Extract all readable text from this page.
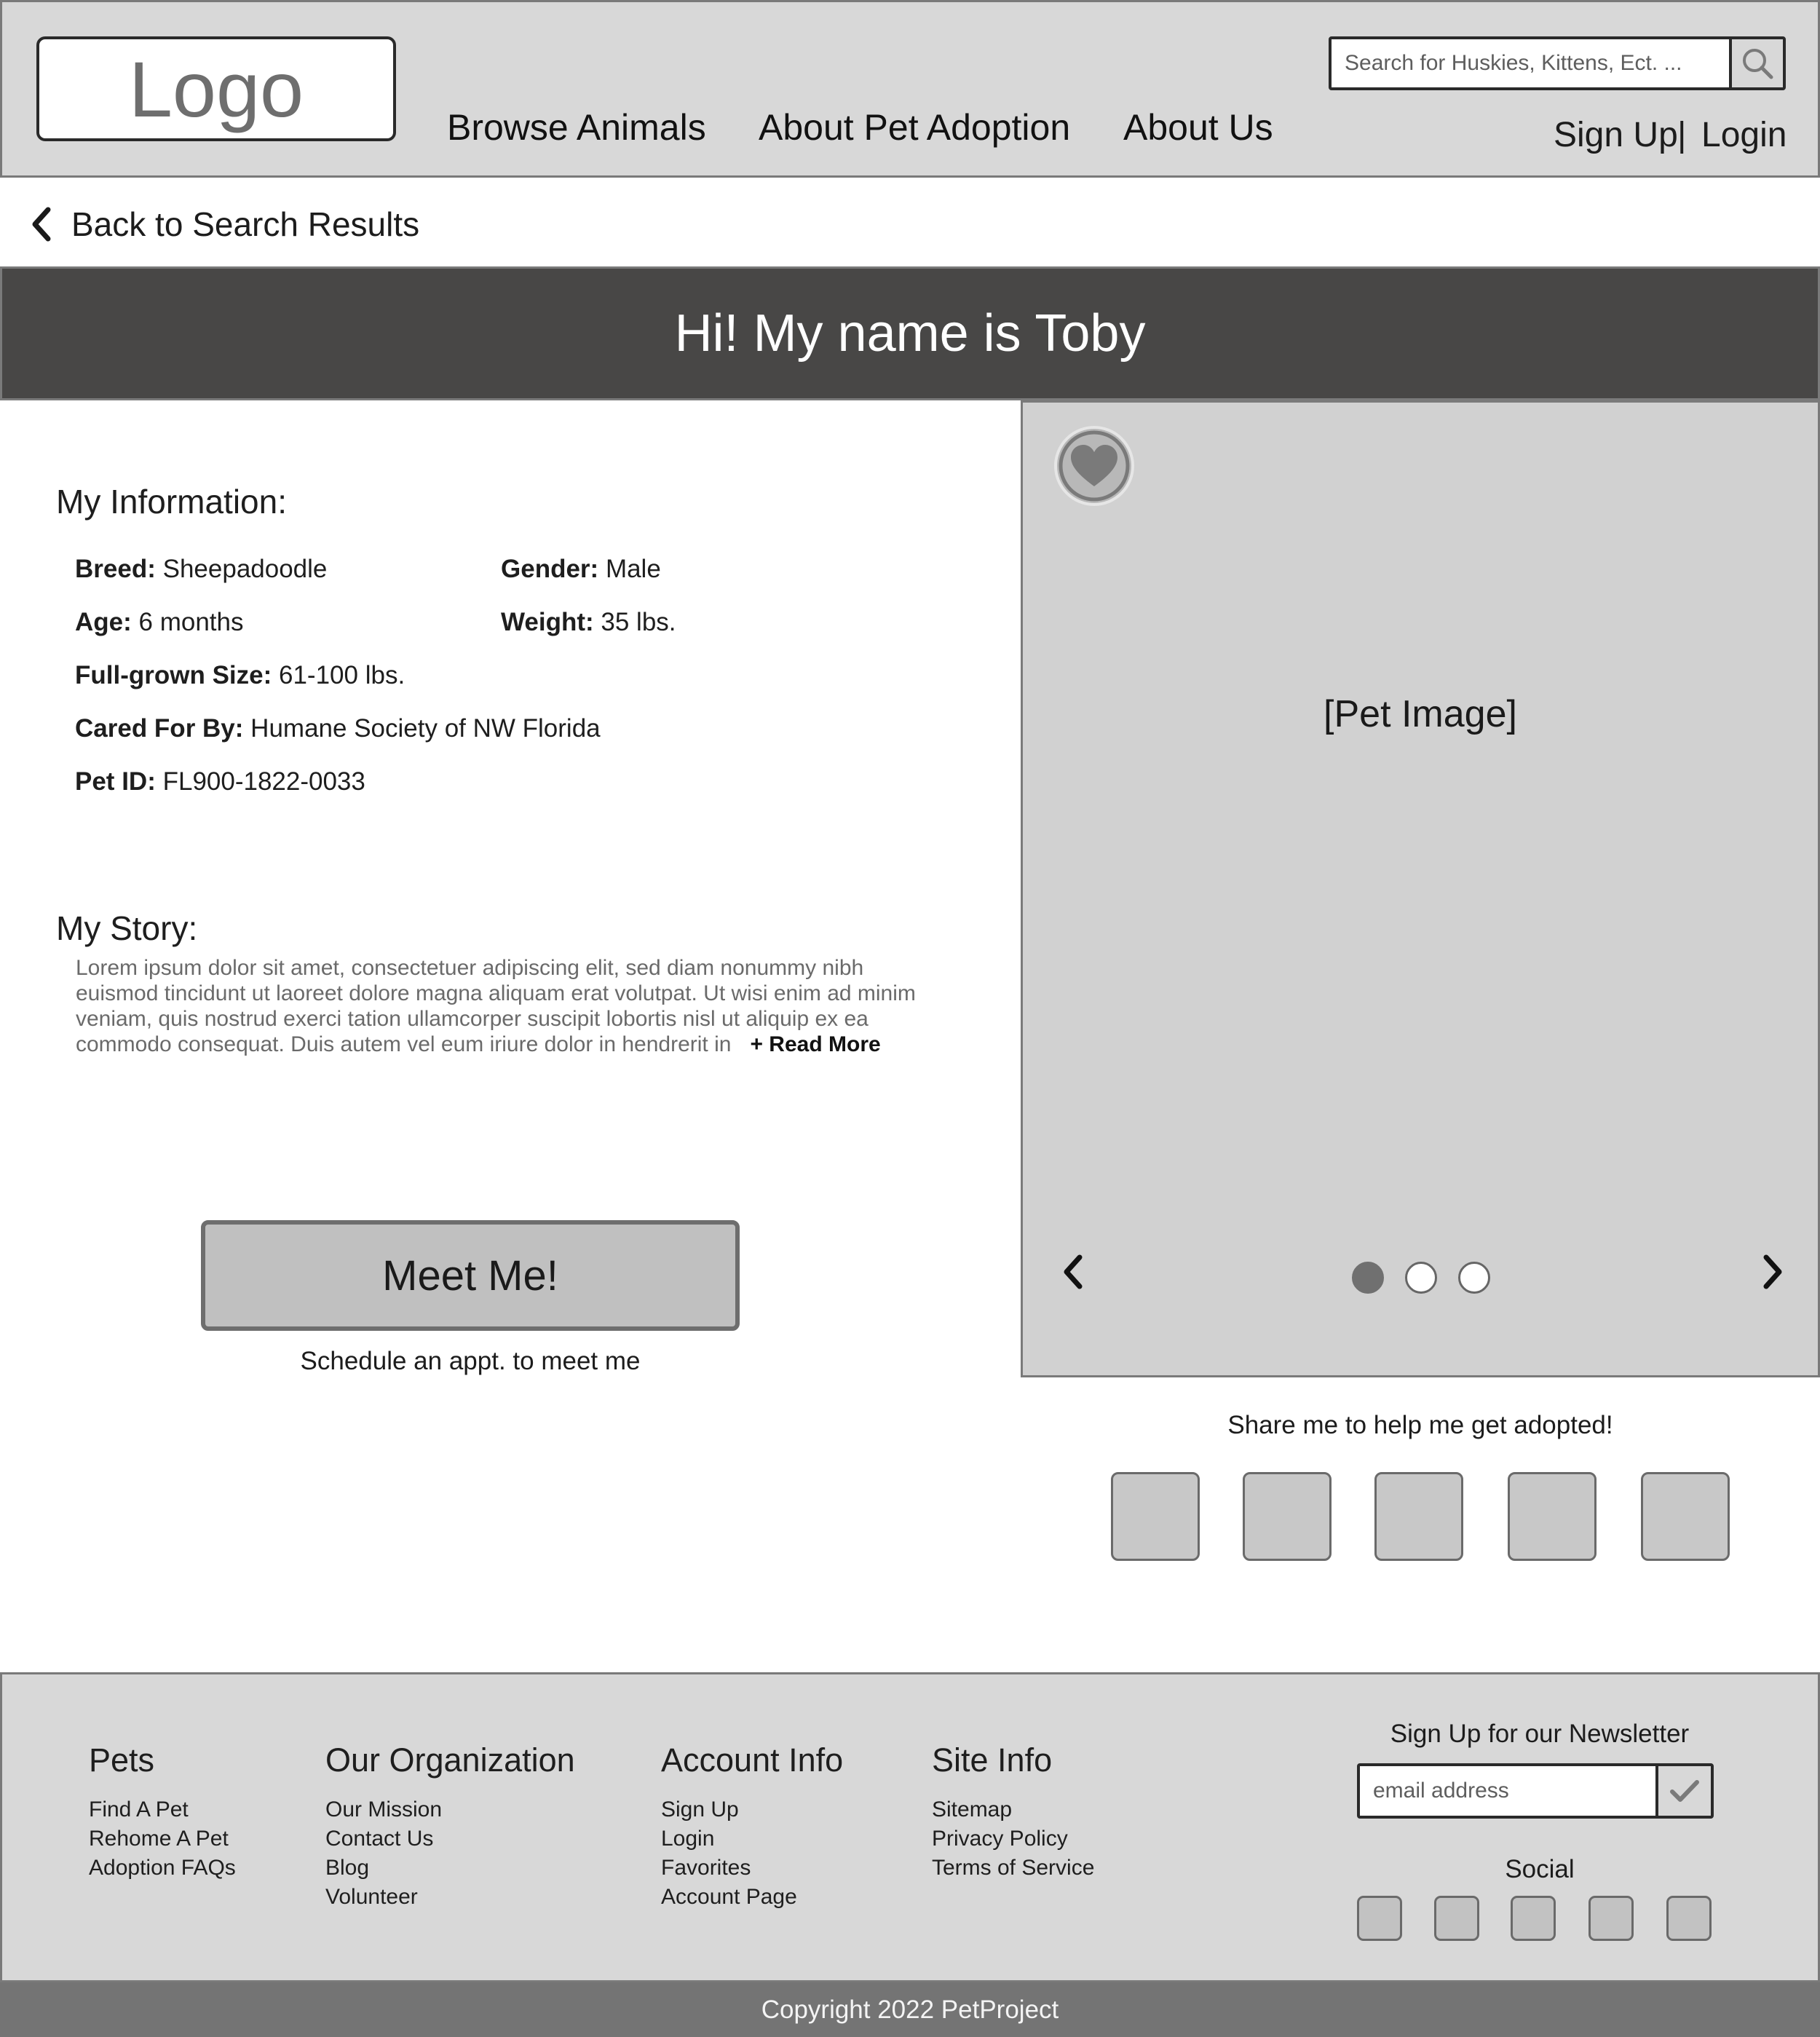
Logo	Browse Animals About Pet Adoption About Us
Search for Huskies, Kittens, Ect. ...	Sign Up | Login
Back to Search Results
Hi! My name is Toby
My Information:
Breed: Sheepadoodle	Gender: Male
Age: 6 months	Weight: 35 lbs.
Full-grown Size: 61-100 lbs.
Cared For By: Humane Society of NW Florida
Pet ID: FL900-1822-0033
My Story:
Lorem ipsum dolor sit amet, consectetuer adipiscing elit, sed diam nonummy nibh
euismod tincidunt ut laoreet dolore magna aliquam erat volutpat. Ut wisi enim ad minim
veniam, quis nostrud exerci tation ullamcorper suscipit lobortis nisl ut aliquip ex ea
commodo consequat. Duis autem vel eum iriure dolor in hendrerit in + Read More
Meet Me!
Schedule an appt. to meet me
[Pet Image]
Share me to help me get adopted!
Pets
Find A Pet
Rehome A Pet
Adoption FAQs
Our Organization
Our Mission
Contact Us
Blog
Volunteer
Account Info
Sign Up
Login
Favorites
Account Page
Site Info
Sitemap
Privacy Policy
Terms of Service
Sign Up for our Newsletter
email address
Social
Copyright 2022 PetProject
